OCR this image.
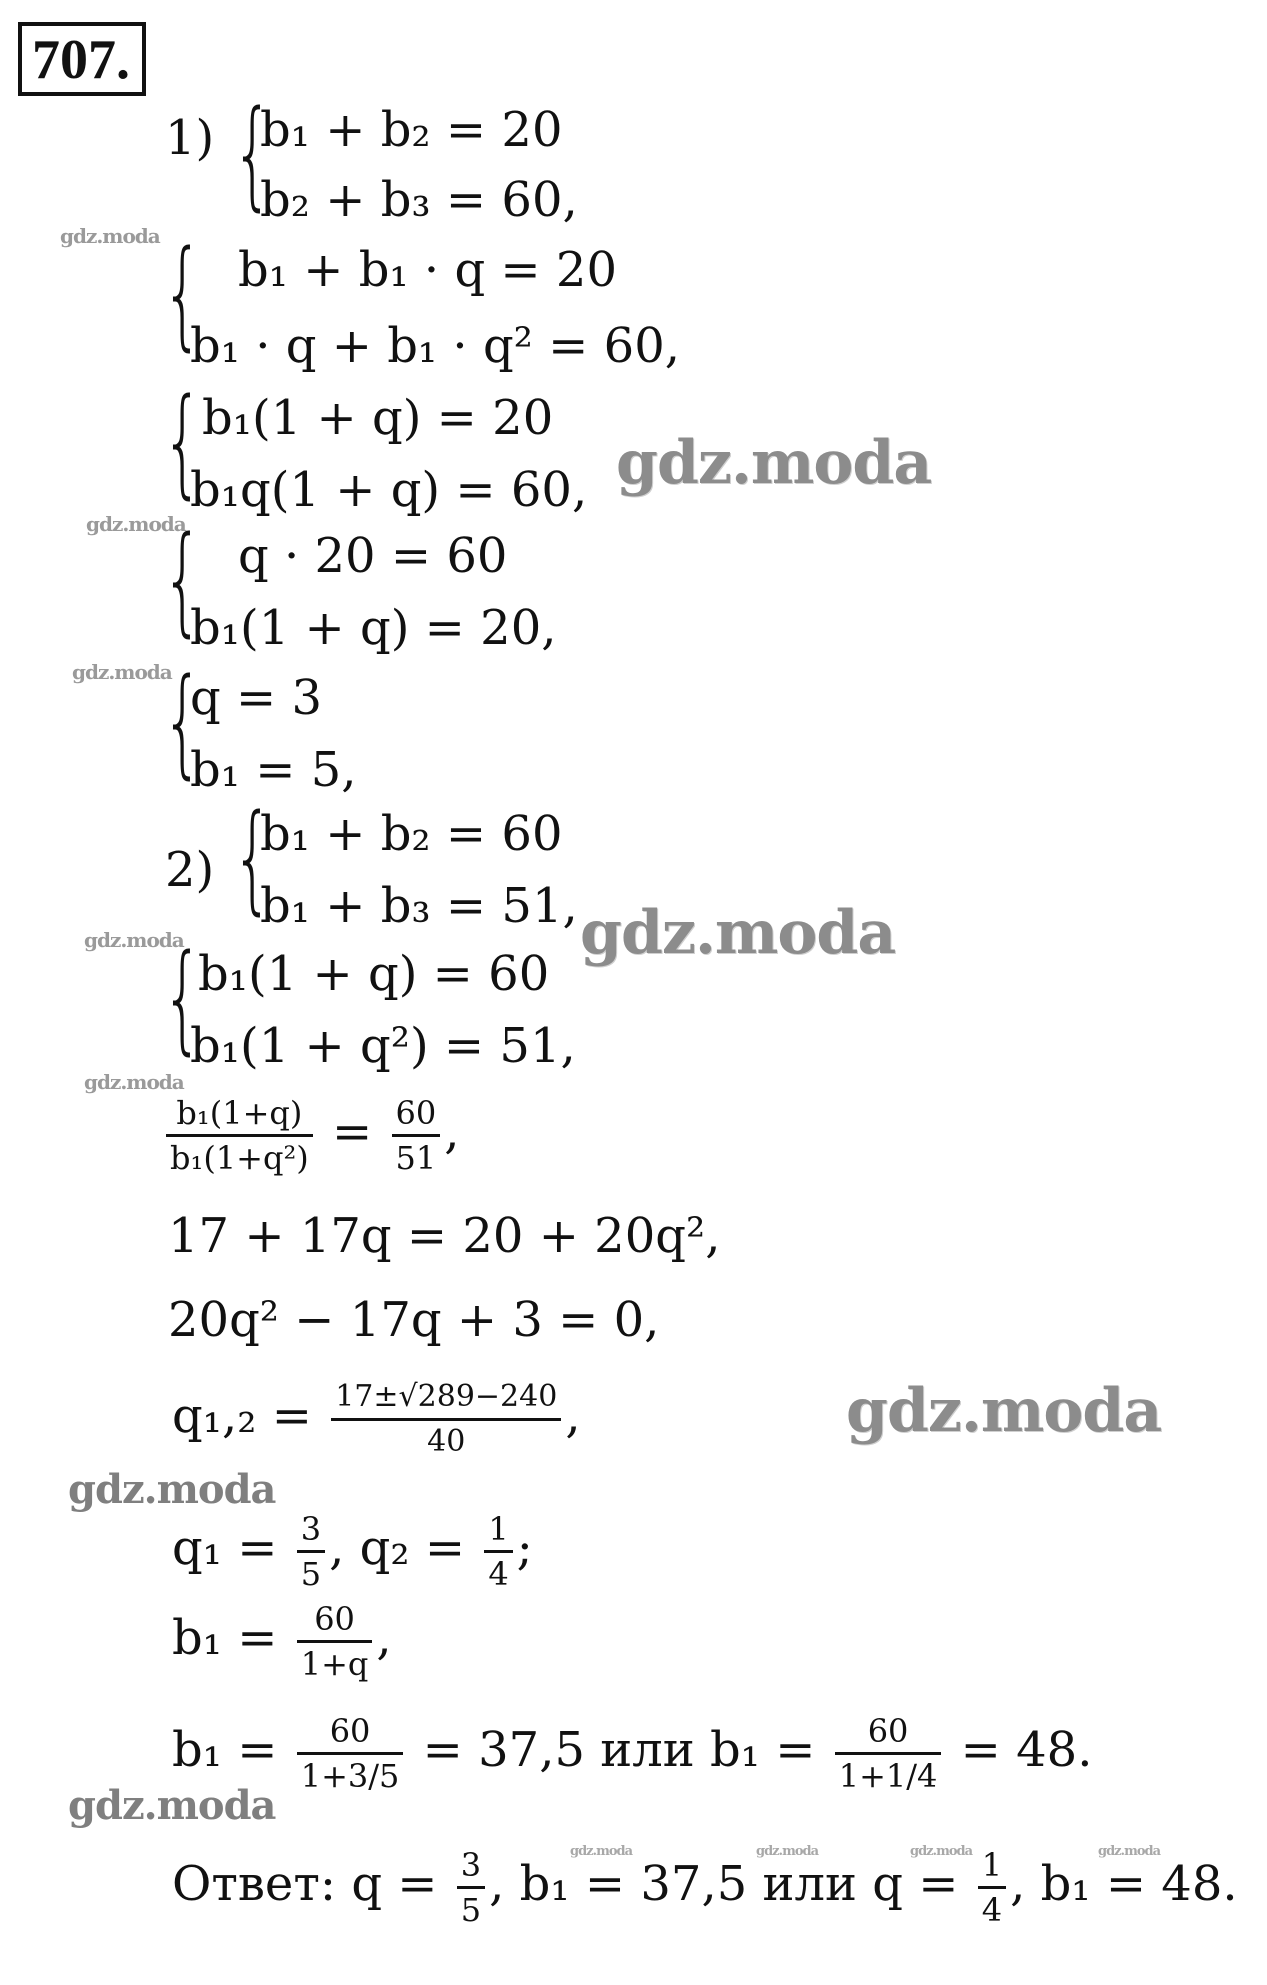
707.
1) {
b₁ + b₂ = 20
b₂ + b₃ = 60,
{ b₁ + b₁ · q = 20
b₁ · q + b₁ · q² = 60,
{
b₁(1 + q) = 20
b₁q(1 + q) = 60,
{ q · 20 = 60
b₁(1 + q) = 20,
{
q = 3
b₁ = 5,
2) {
b₁ + b₂ = 60
b₁ + b₃ = 51,
{
b₁(1 + q) = 60
b₁(1 + q²) = 51,
$\frac{\text{b₁(1+q)}}{\text{b₁(1+q²)}} = \frac{60}{51}$ ,
17 + 17q = 20 + 20q²,
20q² − 17q + 3 = 0,
$q_1,_2 = \frac{17\pm√289-240}{40}$ ,
$q_1 = \frac{3}{5}$ , $q_2 = \frac{1}{4}$ ;
$b_1 = \frac{60}{1+q}$ ,
$b_1 = \frac{60}{1+3/5} = 37,5$ или $b_1 = \frac{60}{1+1/4} = 48$.
Ответ: $q = \frac{3}{5}$ , b₁ = 37,5 или $q = \frac{1}{4}$ , b₁ = 48.
gdz.moda
gdz.moda
gdz.moda
gdz.moda
gdz.moda
gdz.moda
gdz.moda
gdz.moda
gdz.moda
gdz.moda
gdz.moda	gdz.moda	gdz.moda	gdz.moda
